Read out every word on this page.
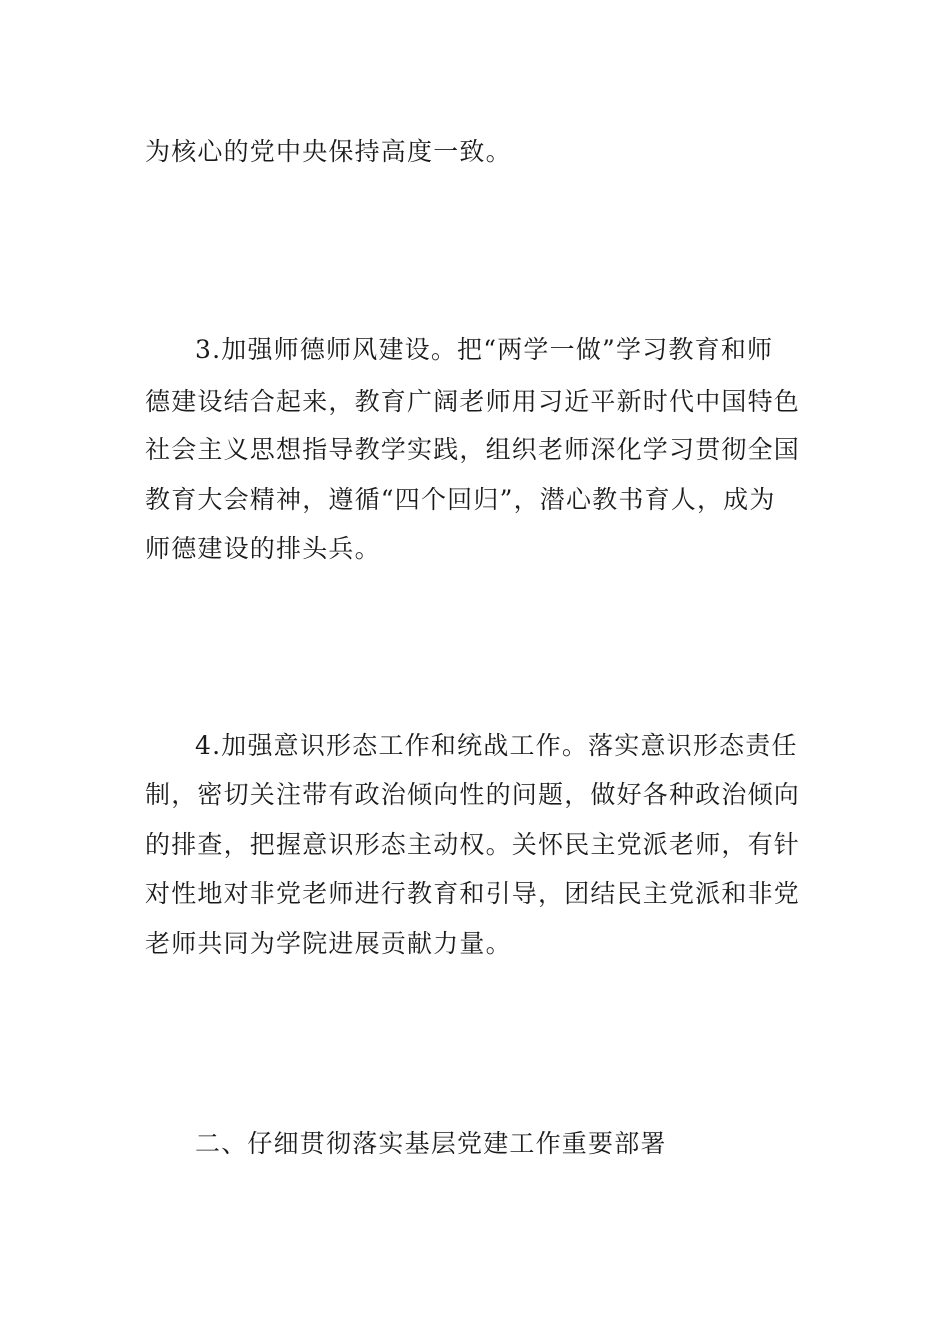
为核心的党中央保持高度一致。
3.加强师德师风建设。把“两学一做”学习教育和师
德建设结合起来，教育广阔老师用习近平新时代中国特色
社会主义思想指导教学实践，组织老师深化学习贯彻全国
教育大会精神，遵循“四个回归”，潜心教书育人，成为
师德建设的排头兵。
4.加强意识形态工作和统战工作。落实意识形态责任
制，密切关注带有政治倾向性的问题，做好各种政治倾向
的排查，把握意识形态主动权。关怀民主党派老师，有针
对性地对非党老师进行教育和引导，团结民主党派和非党
老师共同为学院进展贡献力量。
二、仔细贯彻落实基层党建工作重要部署
